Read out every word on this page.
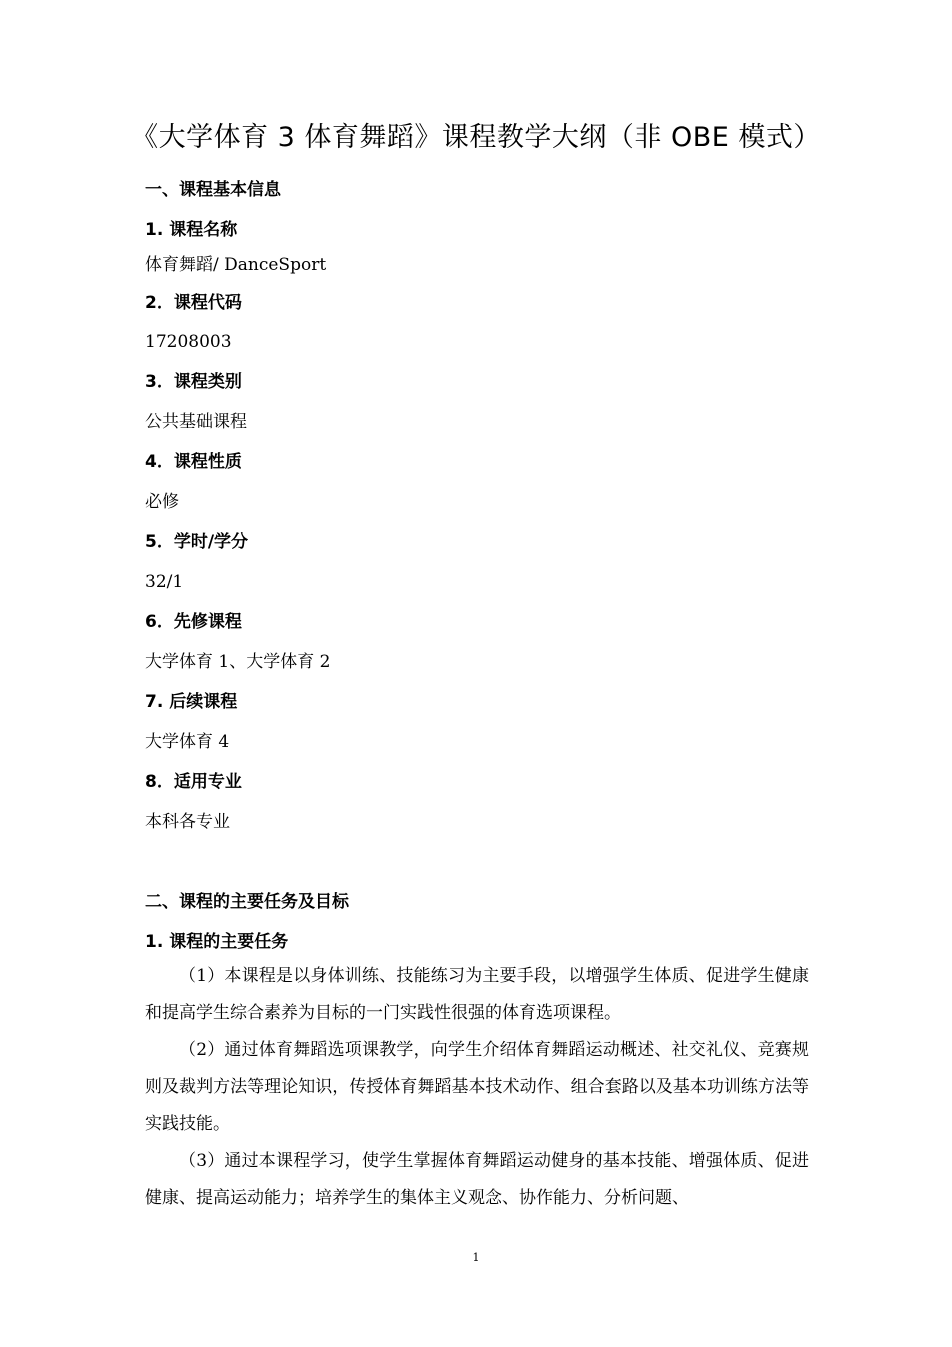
《大学体育 3 体育舞蹈》课程教学大纲（非 OBE 模式）
一、课程基本信息
1. 课程名称
体育舞蹈/ DanceSport
2．课程代码
17208003
3．课程类别
公共基础课程
4．课程性质
必修
5．学时/学分
32/1
6．先修课程
大学体育 1、大学体育 2
7. 后续课程
大学体育 4
8．适用专业
本科各专业
二、课程的主要任务及目标
1. 课程的主要任务
（1）本课程是以身体训练、技能练习为主要手段，以增强学生体质、促进学生健康和提高学生综合素养为目标的一门实践性很强的体育选项课程。
（2）通过体育舞蹈选项课教学，向学生介绍体育舞蹈运动概述、社交礼仪、竞赛规则及裁判方法等理论知识，传授体育舞蹈基本技术动作、组合套路以及基本功训练方法等实践技能。
（3）通过本课程学习，使学生掌握体育舞蹈运动健身的基本技能、增强体质、促进健康、提高运动能力；培养学生的集体主义观念、协作能力、分析问题、
1
